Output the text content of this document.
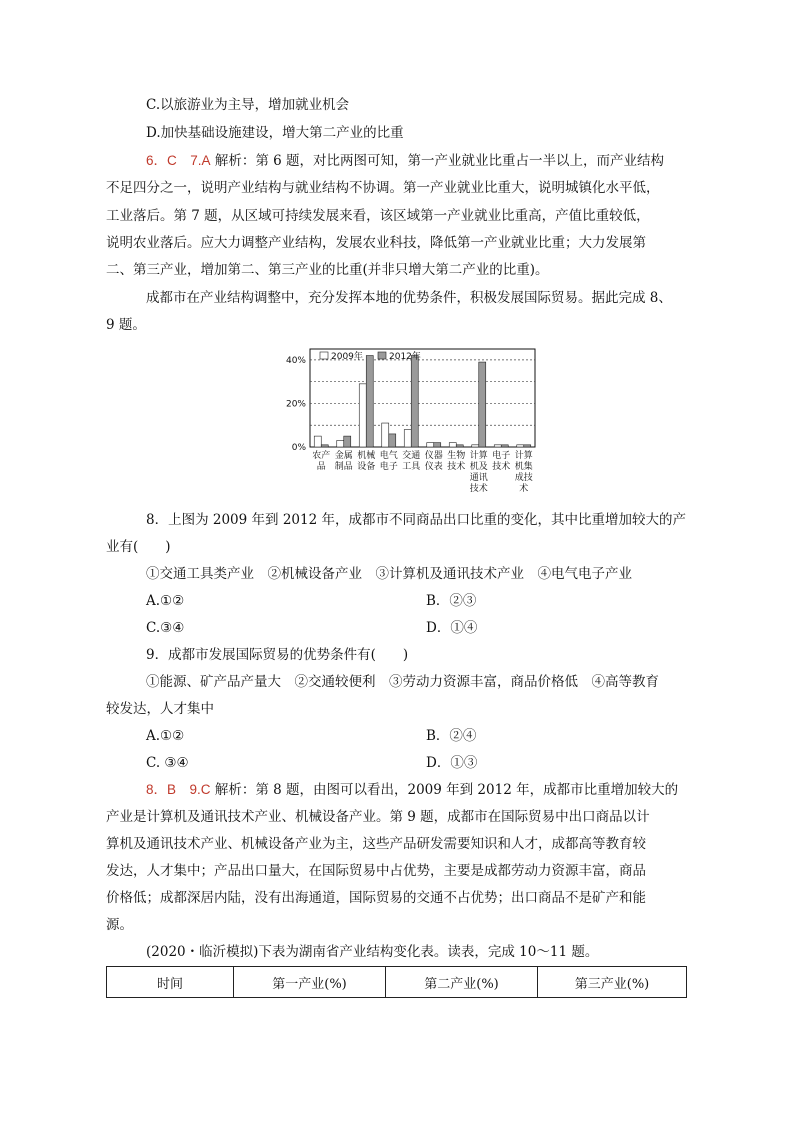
C.以旅游业为主导，增加就业机会
D.加快基础设施建设，增大第二产业的比重
6．C　7.A 解析：第 6 题，对比两图可知，第一产业就业比重占一半以上，而产业结构
不足四分之一，说明产业结构与就业结构不协调。第一产业就业比重大，说明城镇化水平低，
工业落后。第 7 题，从区域可持续发展来看，该区域第一产业就业比重高，产值比重较低，
说明农业落后。应大力调整产业结构，发展农业科技，降低第一产业就业比重；大力发展第
二、第三产业，增加第二、第三产业的比重(并非只增大第二产业的比重)。
成都市在产业结构调整中，充分发挥本地的优势条件，积极发展国际贸易。据此完成 8、
9 题。
0%
20%
40%
农产
品
金属
制品
机械
设备
电气
电子
交通
工具
仪器
仪表
生物
技术
计算
机及
通讯
技术
电子
技术
计算
机集
成技
术
2009年	2012年
8．上图为 2009 年到 2012 年，成都市不同商品出口比重的变化，其中比重增加较大的产
业有(　　)
①交通工具类产业　②机械设备产业　③计算机及通讯技术产业　④电气电子产业
A.①②	B．②③
C.③④	D．①④
9．成都市发展国际贸易的优势条件有(　　)
①能源、矿产品产量大　②交通较便利　③劳动力资源丰富，商品价格低　④高等教育
较发达，人才集中
A.①②	B．②④
C. ③④	D．①③
8．B　9.C 解析：第 8 题，由图可以看出，2009 年到 2012 年，成都市比重增加较大的
产业是计算机及通讯技术产业、机械设备产业。第 9 题，成都市在国际贸易中出口商品以计
算机及通讯技术产业、机械设备产业为主，这些产品研发需要知识和人才，成都高等教育较
发达，人才集中；产品出口量大，在国际贸易中占优势，主要是成都劳动力资源丰富，商品
价格低；成都深居内陆，没有出海通道，国际贸易的交通不占优势；出口商品不是矿产和能
源。
(2020・临沂模拟)下表为湖南省产业结构变化表。读表，完成 10～11 题。
时间	第一产业(%)	第二产业(%)	第三产业(%)
